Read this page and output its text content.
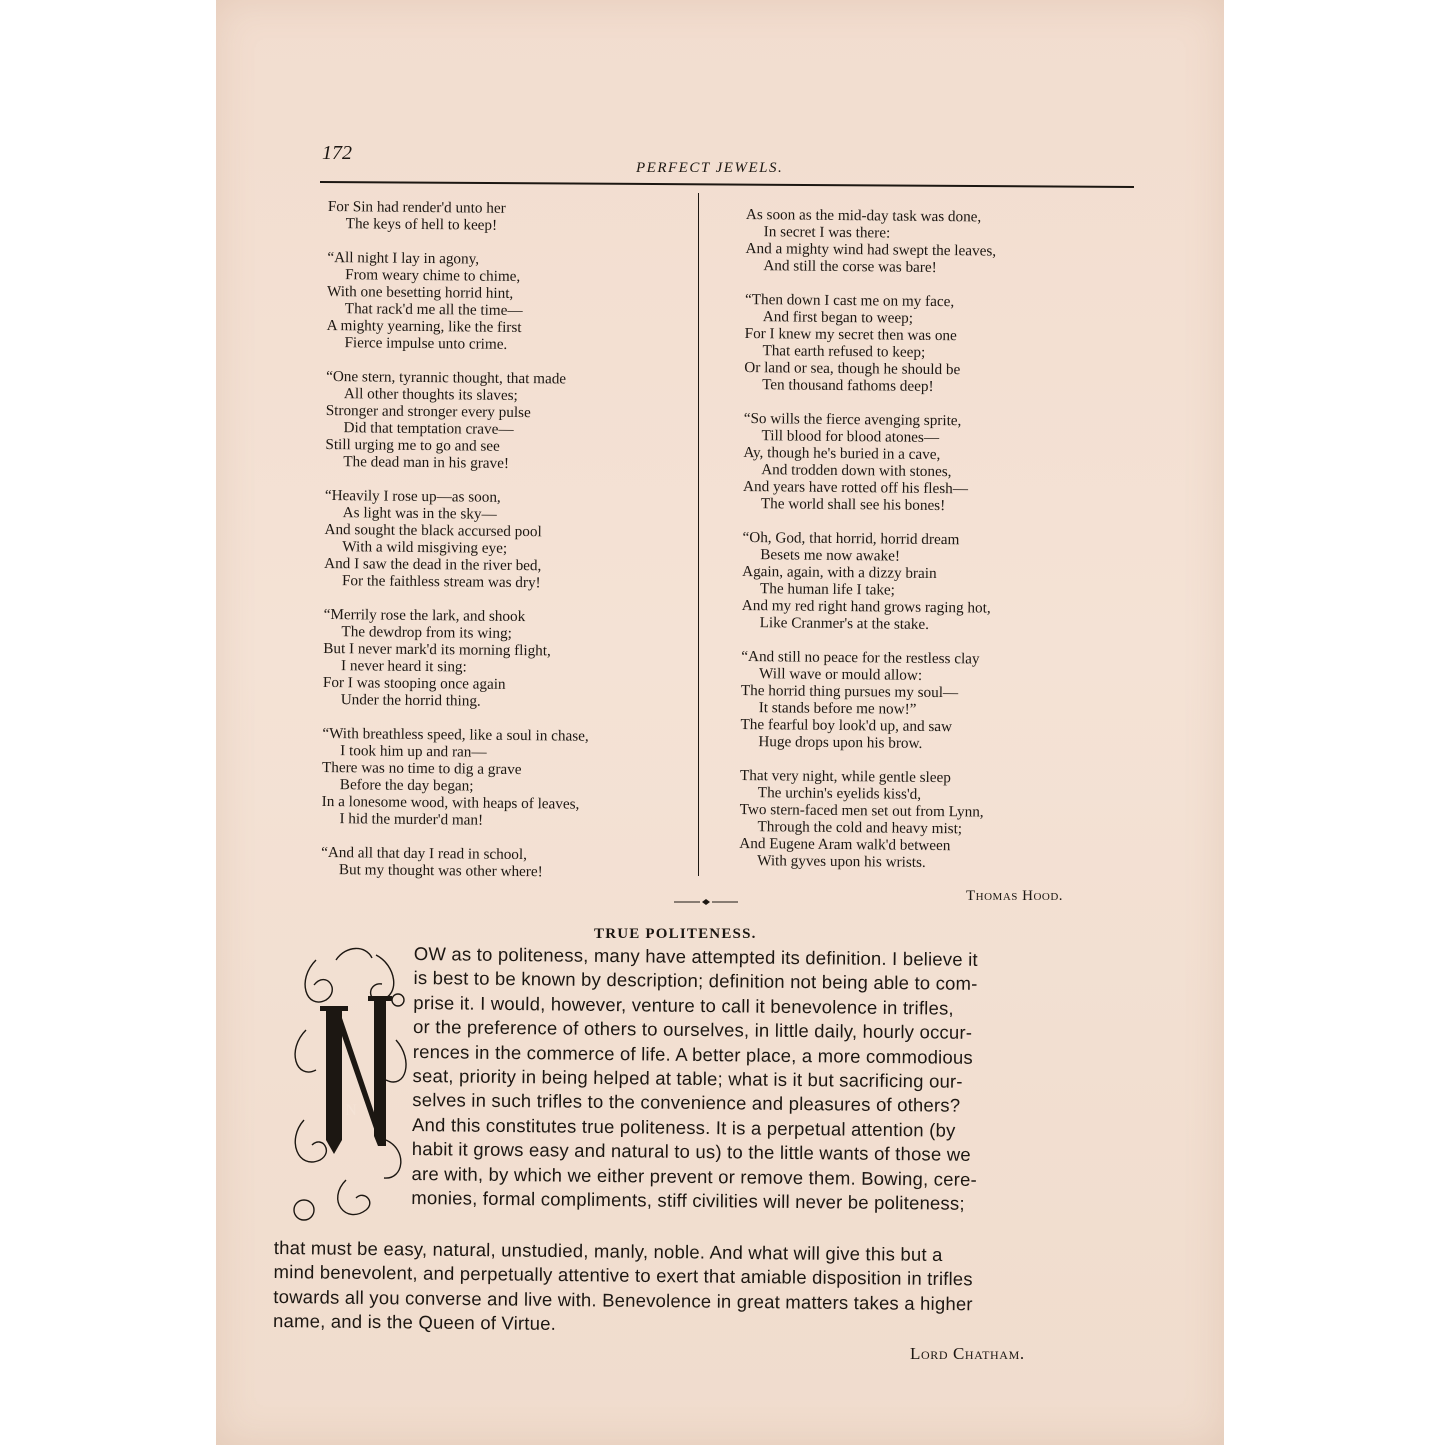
172
PERFECT JEWELS.
For Sin had render'd unto her
The keys of hell to keep!
“All night I lay in agony,
From weary chime to chime,
With one besetting horrid hint,
That rack'd me all the time—
A mighty yearning, like the first
Fierce impulse unto crime.
“One stern, tyrannic thought, that made
All other thoughts its slaves;
Stronger and stronger every pulse
Did that temptation crave—
Still urging me to go and see
The dead man in his grave!
“Heavily I rose up—as soon,
As light was in the sky—
And sought the black accursed pool
With a wild misgiving eye;
And I saw the dead in the river bed,
For the faithless stream was dry!
“Merrily rose the lark, and shook
The dewdrop from its wing;
But I never mark'd its morning flight,
I never heard it sing:
For I was stooping once again
Under the horrid thing.
“With breathless speed, like a soul in chase,
I took him up and ran—
There was no time to dig a grave
Before the day began;
In a lonesome wood, with heaps of leaves,
I hid the murder'd man!
“And all that day I read in school,
But my thought was other where!
As soon as the mid-day task was done,
In secret I was there:
And a mighty wind had swept the leaves,
And still the corse was bare!
“Then down I cast me on my face,
And first began to weep;
For I knew my secret then was one
That earth refused to keep;
Or land or sea, though he should be
Ten thousand fathoms deep!
“So wills the fierce avenging sprite,
Till blood for blood atones—
Ay, though he's buried in a cave,
And trodden down with stones,
And years have rotted off his flesh—
The world shall see his bones!
“Oh, God, that horrid, horrid dream
Besets me now awake!
Again, again, with a dizzy brain
The human life I take;
And my red right hand grows raging hot,
Like Cranmer's at the stake.
“And still no peace for the restless clay
Will wave or mould allow:
The horrid thing pursues my soul—
It stands before me now!”
The fearful boy look'd up, and saw
Huge drops upon his brow.
That very night, while gentle sleep
The urchin's eyelids kiss'd,
Two stern-faced men set out from Lynn,
Through the cold and heavy mist;
And Eugene Aram walk'd between
With gyves upon his wrists.
Thomas Hood.
TRUE POLITENESS.
N
OW as to politeness, many have attempted its definition. I believe it
is best to be known by description; definition not being able to com-
prise it. I would, however, venture to call it benevolence in trifles,
or the preference of others to ourselves, in little daily, hourly occur-
rences in the commerce of life. A better place, a more commodious
seat, priority in being helped at table; what is it but sacrificing our-
selves in such trifles to the convenience and pleasures of others?
And this constitutes true politeness. It is a perpetual attention (by
habit it grows easy and natural to us) to the little wants of those we
are with, by which we either prevent or remove them. Bowing, cere-
monies, formal compliments, stiff civilities will never be politeness;
that must be easy, natural, unstudied, manly, noble. And what will give this but a
mind benevolent, and perpetually attentive to exert that amiable disposition in trifles
towards all you converse and live with. Benevolence in great matters takes a higher
name, and is the Queen of Virtue.
Lord Chatham.
